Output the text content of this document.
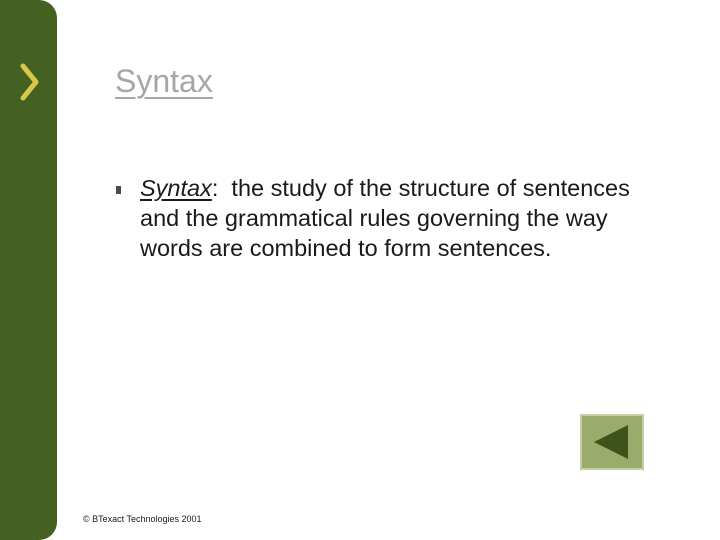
Syntax
Syntax:  the study of the structure of sentences and the grammatical rules governing the way words are combined to form sentences.
© BTexact Technologies 2001
